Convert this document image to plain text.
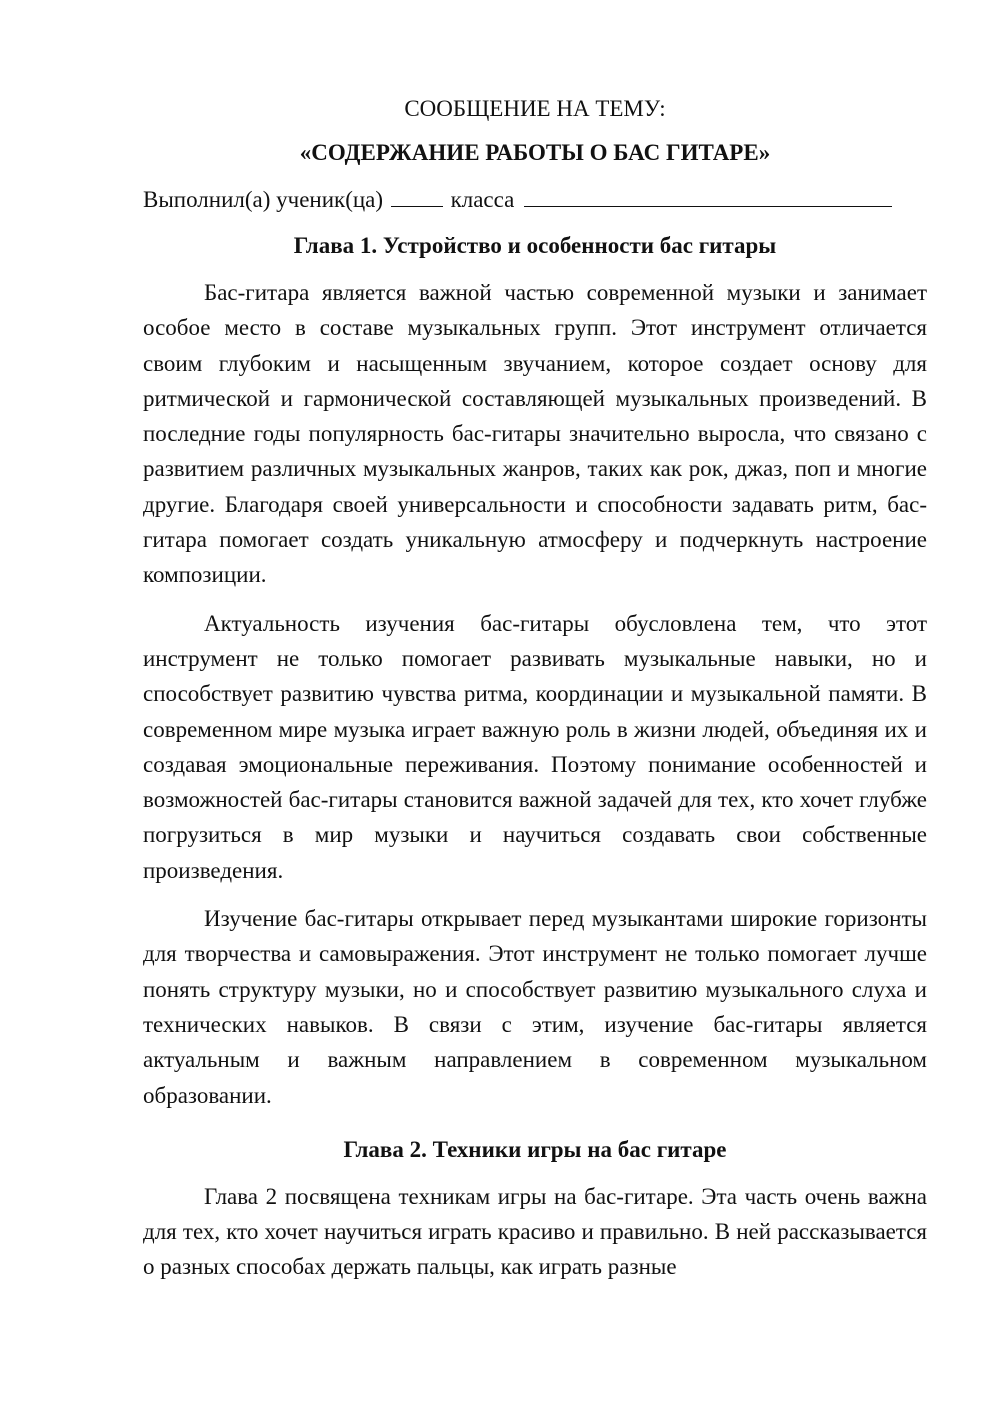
СООБЩЕНИЕ НА ТЕМУ:

«СОДЕРЖАНИЕ РАБОТЫ О БАС ГИТАРЕ»

Выполнил(а) ученик(ца)	класса

Глава 1. Устройство и особенности бас гитары

Бас-гитара является важной частью современной музыки и занимает особое место в составе музыкальных групп. Этот инструмент отличается своим глубоким и насыщенным звучанием, которое создает основу для ритмической и гармонической составляющей музыкальных произведений. В последние годы популярность бас-гитары значительно выросла, что связано с развитием различных музыкальных жанров, таких как рок, джаз, поп и многие другие. Благодаря своей универсальности и способности задавать ритм, бас-гитара помогает создать уникальную атмосферу и подчеркнуть настроение композиции.

Актуальность изучения бас-гитары обусловлена тем, что этот инструмент не только помогает развивать музыкальные навыки, но и способствует развитию чувства ритма, координации и музыкальной памяти. В современном мире музыка играет важную роль в жизни людей, объединяя их и создавая эмоциональные переживания. Поэтому понимание особенностей и возможностей бас-гитары становится важной задачей для тех, кто хочет глубже погрузиться в мир музыки и научиться создавать свои собственные произведения.

Изучение бас-гитары открывает перед музыкантами широкие горизонты для творчества и самовыражения. Этот инструмент не только помогает лучше понять структуру музыки, но и способствует развитию музыкального слуха и технических навыков. В связи с этим, изучение бас-гитары является актуальным и важным направлением в современном музыкальном образовании.

Глава 2. Техники игры на бас гитаре

Глава 2 посвящена техникам игры на бас-гитаре. Эта часть очень важна для тех, кто хочет научиться играть красиво и правильно. В ней рассказывается о разных способах держать пальцы, как играть разные
